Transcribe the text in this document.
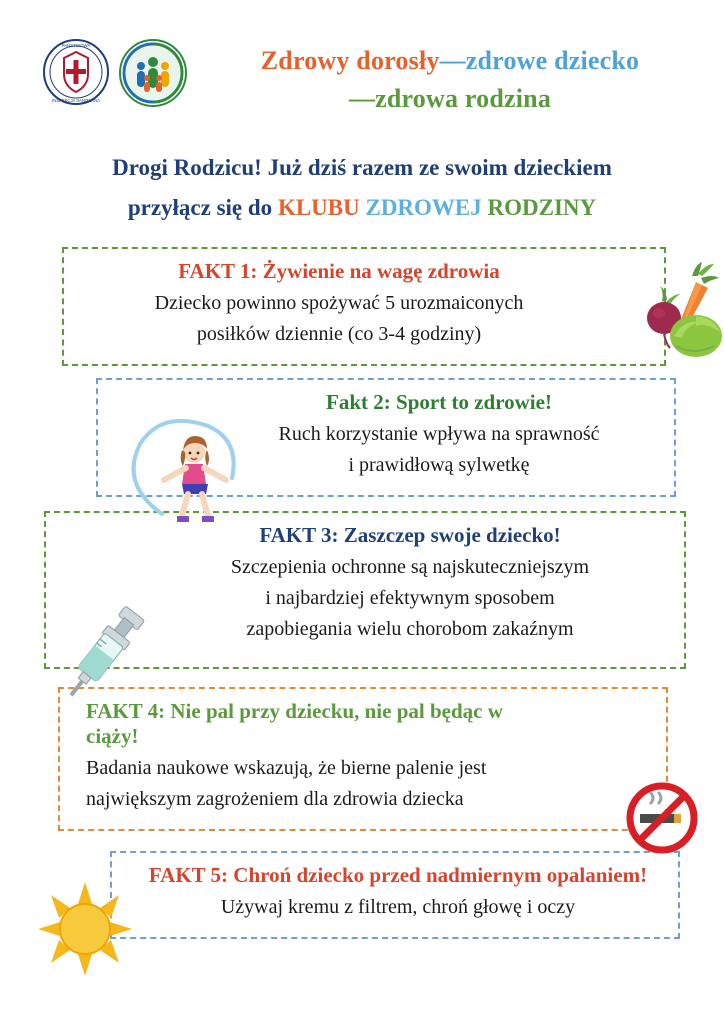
PAŃSTWOWA
INSPEKCJA SANITARNA
Zdrowy dorosły—zdrowe dziecko
—zdrowa rodzina
Drogi Rodzicu! Już dziś razem ze swoim dzieckiem
przyłącz się do KLUBU ZDROWEJ RODZINY
FAKT 1: Żywienie na wagę zdrowia
Dziecko powinno spożywać 5 urozmaiconych
posiłków dziennie (co 3-4 godziny)
Fakt 2: Sport to zdrowie!
Ruch korzystanie wpływa na sprawność
i prawidłową sylwetkę
FAKT 3: Zaszczep swoje dziecko!
Szczepienia ochronne są najskuteczniejszym
i najbardziej efektywnym sposobem
zapobiegania wielu chorobom zakaźnym
FAKT 4: Nie pal przy dziecku, nie pal będąc w ciąży!
Badania naukowe wskazują, że bierne palenie jest
największym zagrożeniem dla zdrowia dziecka
FAKT 5: Chroń dziecko przed nadmiernym opalaniem!
Używaj kremu z filtrem, chroń głowę i oczy
